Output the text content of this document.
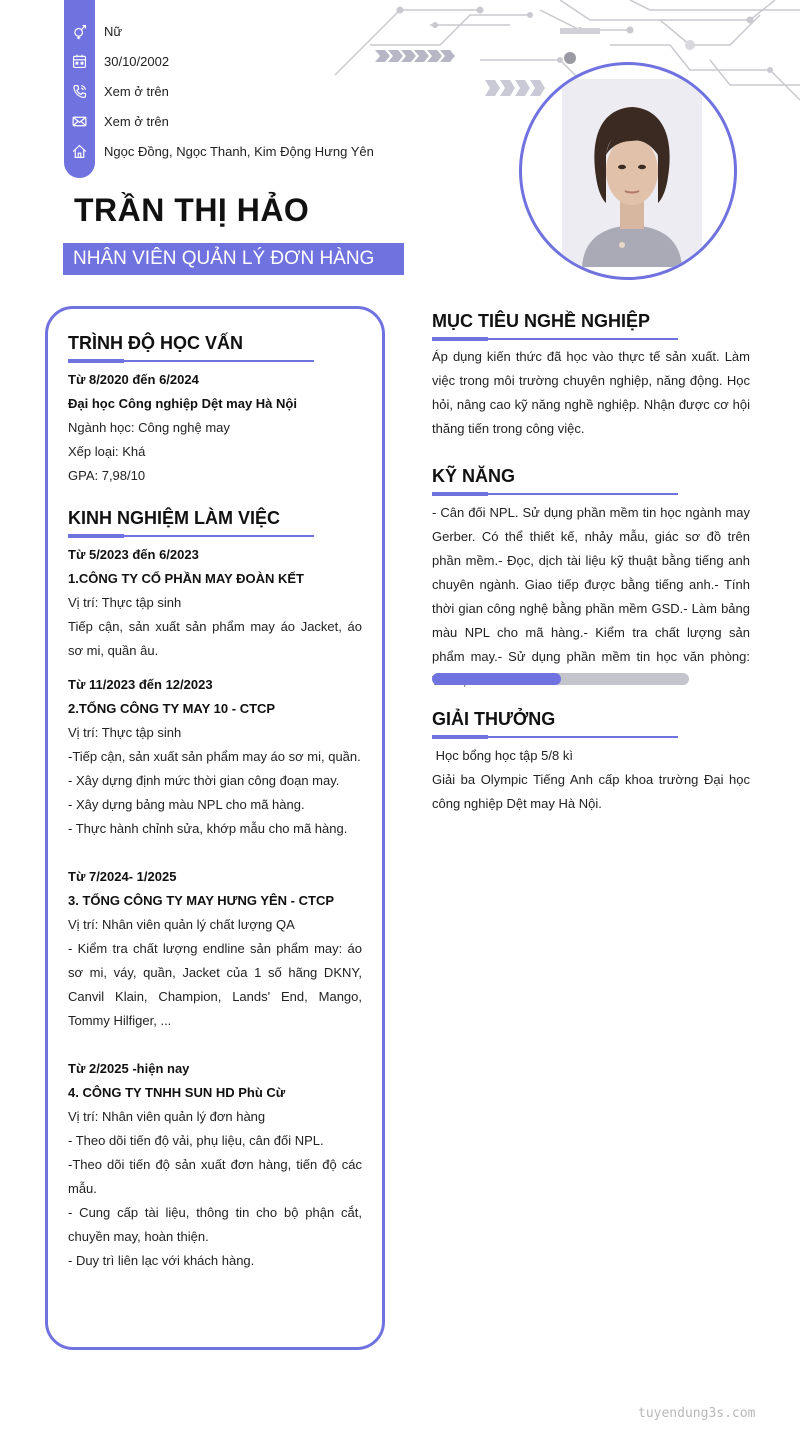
Nữ
30/10/2002
Xem ở trên
Xem ở trên
Ngọc Đồng, Ngọc Thanh, Kim Động Hưng Yên
TRẦN THỊ HẢO
NHÂN VIÊN QUẢN LÝ ĐƠN HÀNG
TRÌNH ĐỘ HỌC VẤN
Từ 8/2020 đến 6/2024
Đại học Công nghiệp Dệt may Hà Nội
Ngành học: Công nghệ may
Xếp loại: Khá
GPA: 7,98/10
KINH NGHIỆM LÀM VIỆC
Từ 5/2023 đến 6/2023
1.CÔNG TY CỔ PHẦN MAY ĐOÀN KẾT
Vị trí: Thực tập sinh
Tiếp cận, sản xuất sản phẩm may áo Jacket, áo sơ mi, quần âu.
Từ 11/2023 đến 12/2023
2.TỔNG CÔNG TY MAY 10 - CTCP
Vị trí: Thực tập sinh
-Tiếp cận, sản xuất sản phẩm may áo sơ mi, quần.
- Xây dựng định mức thời gian công đoạn may.
- Xây dựng bảng màu NPL cho mã hàng.
- Thực hành chỉnh sửa, khớp mẫu cho mã hàng.
Từ 7/2024- 1/2025
3. TỔNG CÔNG TY MAY HƯNG YÊN - CTCP
Vị trí: Nhân viên quản lý chất lượng QA
- Kiểm tra chất lượng endline sản phẩm may: áo sơ mi, váy, quần, Jacket của 1 số hãng DKNY, Canvil Klain, Champion, Lands' End, Mango, Tommy Hilfiger, ...
Từ 2/2025 -hiện nay
4. CÔNG TY TNHH SUN HD Phù Cừ
Vị trí: Nhân viên quản lý đơn hàng
- Theo dõi tiến độ vải, phụ liệu, cân đối NPL.
-Theo dõi tiến độ sản xuất đơn hàng, tiến độ các mẫu.
- Cung cấp tài liệu, thông tin cho bộ phận cắt, chuyền may, hoàn thiện.
- Duy trì liên lạc với khách hàng.
MỤC TIÊU NGHỀ NGHIỆP
Áp dụng kiến thức đã học vào thực tế sản xuất. Làm việc trong môi trường chuyên nghiệp, năng động. Học hỏi, nâng cao kỹ năng nghề nghiệp. Nhận được cơ hội thăng tiến trong công việc.
KỸ NĂNG
- Cân đối NPL. Sử dụng phần mềm tin học ngành may Gerber. Có thể thiết kế, nhảy mẫu, giác sơ đồ trên phần mềm.- Đọc, dịch tài liệu kỹ thuật bằng tiếng anh chuyên ngành. Giao tiếp được bằng tiếng anh.- Tính thời gian công nghệ bằng phần mềm GSD.- Làm bảng màu NPL cho mã hàng.- Kiểm tra chất lượng sản phẩm may.- Sử dụng phần mềm tin học văn phòng:
GIẢI THƯỞNG
Học bổng học tập 5/8 kì
Giải ba Olympic Tiếng Anh cấp khoa trường Đại học công nghiệp Dệt may Hà Nội.
tuyendung3s.com
